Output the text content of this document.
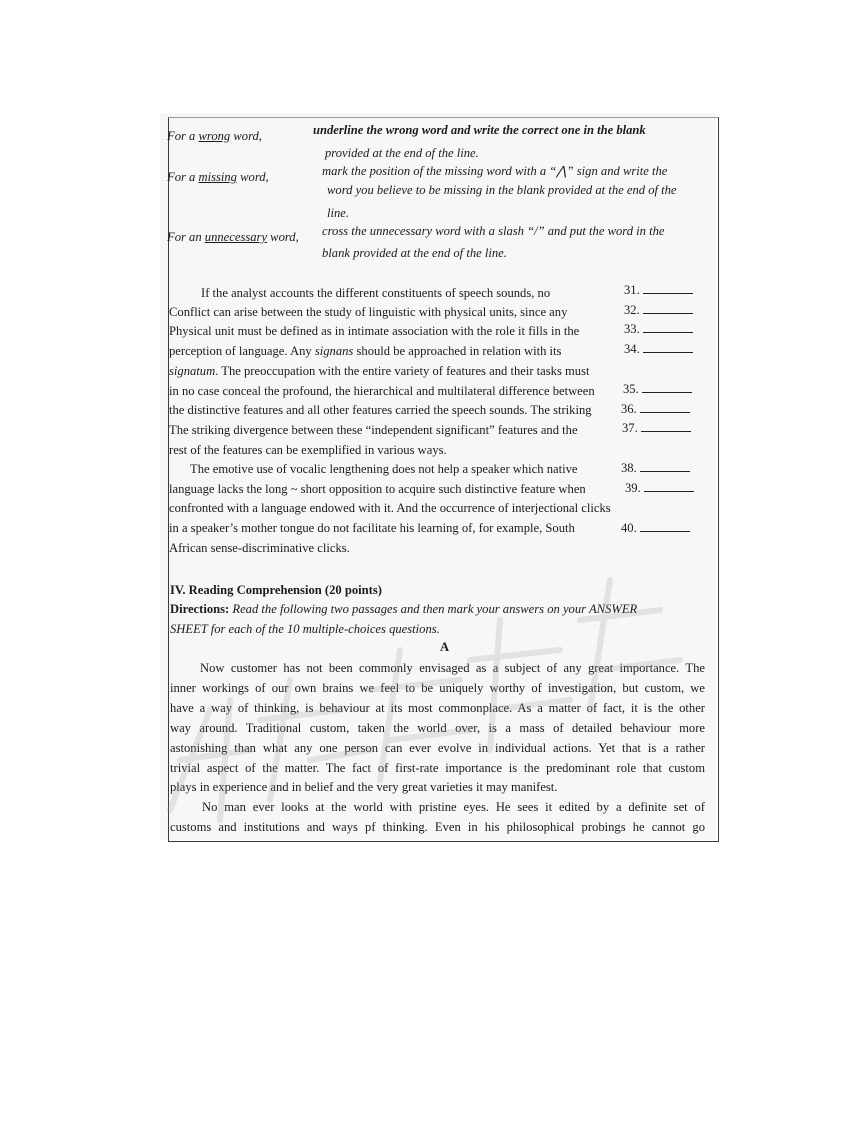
For a wrong word,	underline the wrong word and write the correct one in the blank
provided at the end of the line.
For a missing word,	mark the position of the missing word with a “⋀” sign and write the
word you believe to be missing in the blank provided at the end of the
line.
For an unnecessary word, cross the unnecessary word with a slash “/” and put the word in the
blank provided at the end of the line.
If the analyst accounts the different constituents of speech sounds, no
Conflict can arise between the study of linguistic with physical units, since any
Physical unit must be defined as in intimate association with the role it fills in the
perception of language. Any signans should be approached in relation with its
signatum. The preoccupation with the entire variety of features and their tasks must
in no case conceal the profound, the hierarchical and multilateral difference between
the distinctive features and all other features carried the speech sounds. The striking
The striking divergence between these “independent significant” features and the
rest of the features can be exemplified in various ways.
The emotive use of vocalic lengthening does not help a speaker which native
language lacks the long ~ short opposition to acquire such distinctive feature when
confronted with a language endowed with it. And the occurrence of interjectional clicks
in a speaker’s mother tongue do not facilitate his learning of, for example, South
African sense-discriminative clicks.
31.
32.
33.
34.
35.
36.
37.
38.
39.
40.
IV. Reading Comprehension (20 points)
Directions: Read the following two passages and then mark your answers on your ANSWER
SHEET for each of the 10 multiple-choices questions.
A
Now customer has not been commonly envisaged as a subject of any great importance. The
inner workings of our own brains we feel to be uniquely worthy of investigation, but custom, we
have a way of thinking, is behaviour at its most commonplace. As a matter of fact, it is the other
way around. Traditional custom, taken the world over, is a mass of detailed behaviour more
astonishing than what any one person can ever evolve in individual actions. Yet that is a rather
trivial aspect of the matter. The fact of first-rate importance is the predominant role that custom
plays in experience and in belief and the very great varieties it may manifest.
No man ever looks at the world with pristine eyes. He sees it edited by a definite set of
customs and institutions and ways pf thinking. Even in his philosophical probings he cannot go
